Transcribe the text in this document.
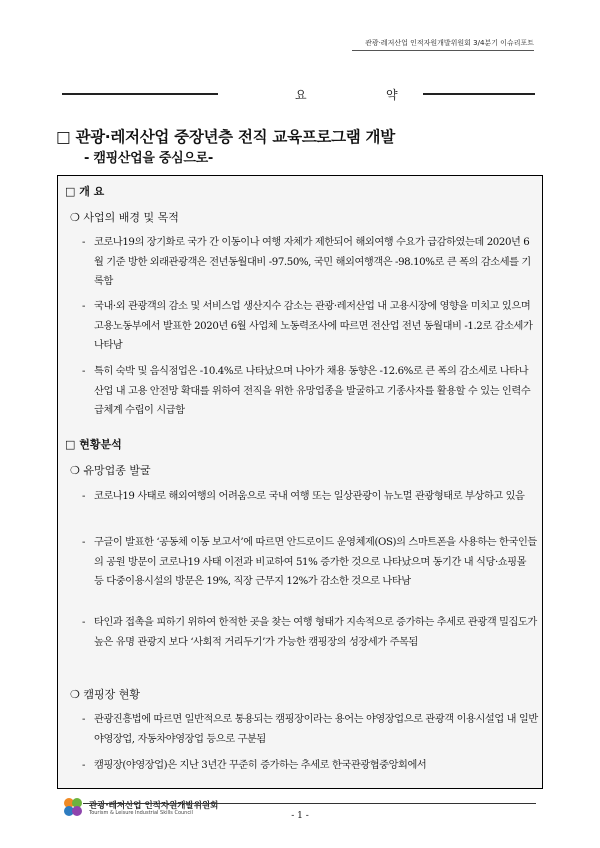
관광·레저산업 인적자원개발위원회 3/4분기 이슈리포트
요	약
□ 관광·레저산업 중장년층 전직 교육프로그램 개발
- 캠핑산업을 중심으로-
□ 개 요
❍ 사업의 배경 및 목적
- 코로나19의 장기화로 국가 간 이동이나 여행 자체가 제한되어 해외여행 수요가 급감하였는데 2020년 6월 기준 방한 외래관광객은 전년동월대비 -97.50%, 국민 해외여행객은 -98.10%로 큰 폭의 감소세를 기록함
- 국내·외 관광객의 감소 및 서비스업 생산지수 감소는 관광·레저산업 내 고용시장에 영향을 미치고 있으며 고용노동부에서 발표한 2020년 6월 사업체 노동력조사에 따르면 전산업 전년 동월대비 -1.2로 감소세가 나타남
- 특히 숙박 및 음식점업은 -10.4%로 나타났으며 나아가 채용 동향은 -12.6%로 큰 폭의 감소세로 나타나 산업 내 고용 안전망 확대를 위하여 전직을 위한 유망업종을 발굴하고 기종사자를 활용할 수 있는 인력수급체계 수립이 시급함
□ 현황분석
❍ 유망업종 발굴
- 코로나19 사태로 해외여행의 어려움으로 국내 여행 또는 일상관광이 뉴노멀 관광형태로 부상하고 있음
- 구글이 발표한 ‘공동체 이동 보고서’에 따르면 안드로이드 운영체제(OS)의 스마트폰을 사용하는 한국인들의 공원 방문이 코로나19 사태 이전과 비교하여 51% 증가한 것으로 나타났으며 동기간 내 식당·쇼핑몰 등 다중이용시설의 방문은 19%, 직장 근무지 12%가 감소한 것으로 나타남
- 타인과 접촉을 피하기 위하여 한적한 곳을 찾는 여행 형태가 지속적으로 증가하는 추세로 관광객 밀집도가 높은 유명 관광지 보다 ‘사회적 거리두기’가 가능한 캠핑장의 성장세가 주목됨
❍ 캠핑장 현황
- 관광진흥법에 따르면 일반적으로 통용되는 캠핑장이라는 용어는 야영장업으로 관광객 이용시설업 내 일반 야영장업, 자동차야영장업 등으로 구분됨
- 캠핑장(야영장업)은 지난 3년간 꾸준히 증가하는 추세로 한국관광협중앙회에서
관광·레저산업 인적자원개발위원회
Tourism & Leisure Industrial Skills Council	- 1 -
